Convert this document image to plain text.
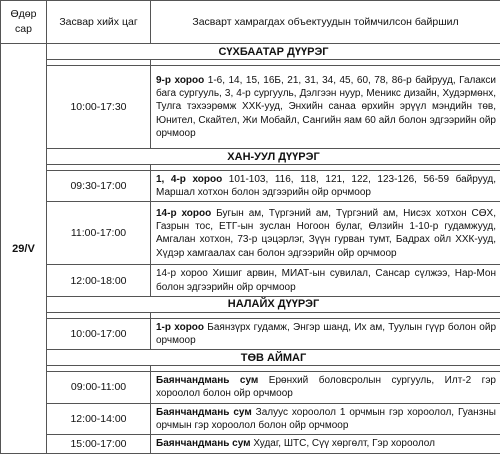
Өдөр
сар	Засвар хийх цаг	Засварт хамрагдах объектуудын тоймчилсон байршил
29/V	СҮХБААТАР ДҮҮРЭГ	

	10:00-17:30	9-р хороо 1-6, 14, 15, 16Б, 21, 31, 34, 45, 60, 78, 86-р байрууд, Галакси бага сургууль, 3, 4-р сургууль, Дэлгээн нуур, Меникс дизайн, Худэрмөнх, Тулга тэхээрөмж ХХК-ууд, Энхийн санаа өрхийн эрүүл мэндийн төв, Юнител, Скайтел, Жи Мобайл, Сангийн яам 60 айл болон эдгээрийн ойр орчмоор
	ХАН-УУЛ ДҮҮРЭГ	

	09:30-17:00	1, 4-р хороо 101-103, 116, 118, 121, 122, 123-126, 56-59 байрууд, Маршал хотхон болон эдгээрийн ойр орчмоор
	11:00-17:00	14-р хороо Бугын ам, Түргэний ам, Түргэний ам, Нисэх хотхон СӨХ, Газрын тос, ЕТГ-ын зуслан Ногоон булаг, Өлзийн 1-10-р гудамжууд, Амгалан хотхон, 73-р цэцэрлэг, Зүүн гурван тумт, Бадрах ойл ХХК-ууд, Хүдэр хамгаалах сан болон эдгээрийн ойр орчмоор
	12:00-18:00	14-р хороо Хишиг арвин, МИАТ-ын сувилал, Сансар сүлжээ, Нар-Мон болон эдгээрийн ойр орчмоор
	НАЛАЙХ ДҮҮРЭГ	

	10:00-17:00	1-р хороо Баянзүрх гудамж, Энгэр шанд, Их ам, Туулын гүүр болон ойр орчмоор
	ТӨВ АЙМАГ	

	09:00-11:00	Баянчандмань сум Ерөнхий боловсролын сургууль, Илт-2 гэр хороолол болон ойр орчмоор
	12:00-14:00	Баянчандмань сум Залуус хороолол 1 орчмын гэр хороолол, Гуанзны орчмын гэр хороолол болон ойр орчмоор
	15:00-17:00	Баянчандмань сум Худаг, ШТС, Сүү хөргөлт, Гэр хороолол
